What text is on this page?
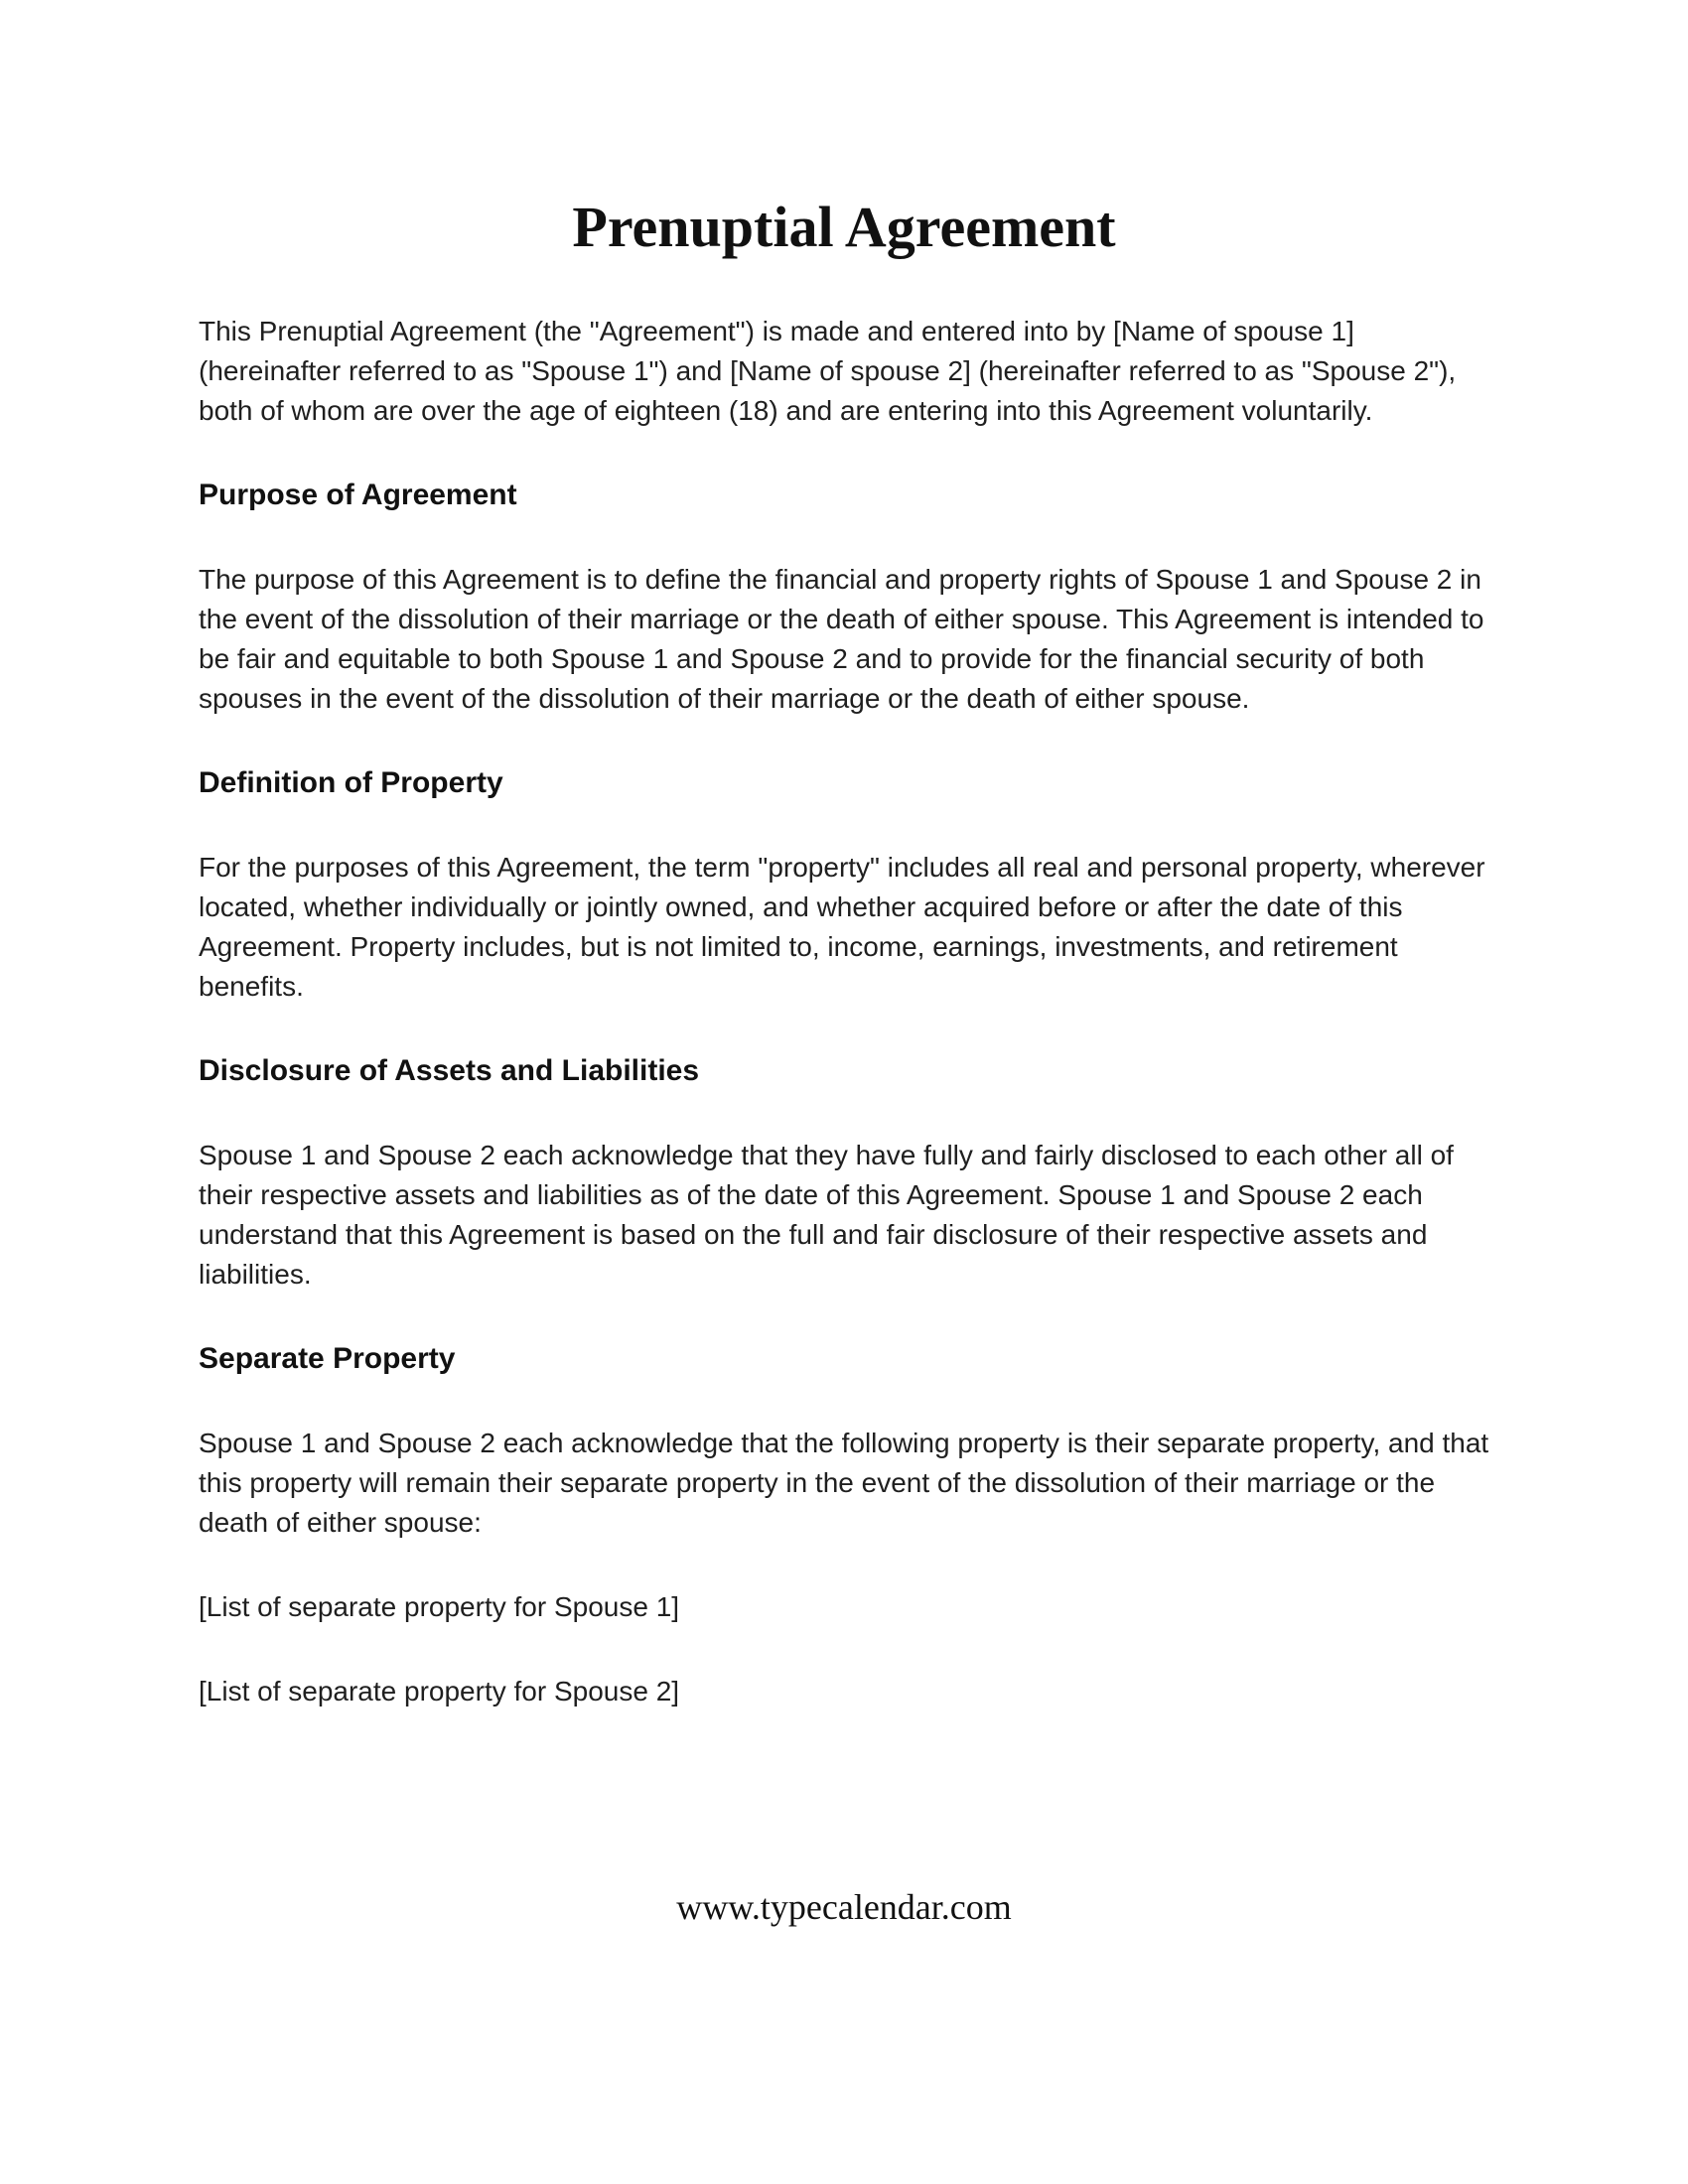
Prenuptial Agreement

This Prenuptial Agreement (the "Agreement") is made and entered into by [Name of spouse 1] (hereinafter referred to as "Spouse 1") and [Name of spouse 2] (hereinafter referred to as "Spouse 2"), both of whom are over the age of eighteen (18) and are entering into this Agreement voluntarily.

Purpose of Agreement

The purpose of this Agreement is to define the financial and property rights of Spouse 1 and Spouse 2 in the event of the dissolution of their marriage or the death of either spouse. This Agreement is intended to be fair and equitable to both Spouse 1 and Spouse 2 and to provide for the financial security of both spouses in the event of the dissolution of their marriage or the death of either spouse.

Definition of Property

For the purposes of this Agreement, the term "property" includes all real and personal property, wherever located, whether individually or jointly owned, and whether acquired before or after the date of this Agreement. Property includes, but is not limited to, income, earnings, investments, and retirement benefits.

Disclosure of Assets and Liabilities

Spouse 1 and Spouse 2 each acknowledge that they have fully and fairly disclosed to each other all of their respective assets and liabilities as of the date of this Agreement. Spouse 1 and Spouse 2 each understand that this Agreement is based on the full and fair disclosure of their respective assets and liabilities.

Separate Property

Spouse 1 and Spouse 2 each acknowledge that the following property is their separate property, and that this property will remain their separate property in the event of the dissolution of their marriage or the death of either spouse:

[List of separate property for Spouse 1]

[List of separate property for Spouse 2]

www.typecalendar.com
